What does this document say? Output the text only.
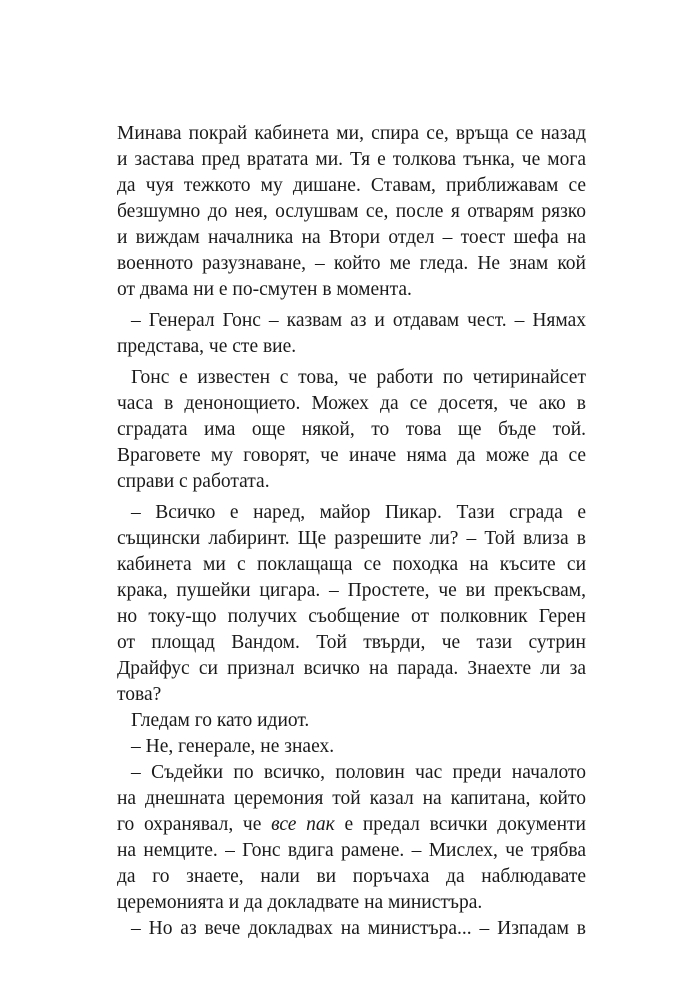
Минава покрай кабинета ми, спира се, връща се назад
и застава пред вратата ми. Тя е толкова тънка, че мога
да чуя тежкото му дишане. Ставам, приближавам се
безшумно до нея, ослушвам се, после я отварям рязко
и виждам началника на Втори отдел – тоест шефа на
военното разузнаване, – който ме гледа. Не знам кой
от двама ни е по-смутен в момента.
– Генерал Гонс – казвам аз и отдавам чест. – Нямах
представа, че сте вие.
Гонс е известен с това, че работи по четиринайсет
часа в денонощието. Можех да се досетя, че ако в
сградата има още някой, то това ще бъде той.
Враговете му говорят, че иначе няма да може да се
справи с работата.
– Всичко е наред, майор Пикар. Тази сграда е
същински лабиринт. Ще разрешите ли? – Той влиза в
кабинета ми с поклащаща се походка на късите си
крака, пушейки цигара. – Простете, че ви прекъсвам,
но току-що получих съобщение от полковник Герен
от площад Вандом. Той твърди, че тази сутрин
Драйфус си признал всичко на парада. Знаехте ли за
това?
Гледам го като идиот.
– Не, генерале, не знаех.
– Съдейки по всичко, половин час преди началото
на днешната церемония той казал на капитана, който
го охранявал, че все пак е предал всички документи
на немците. – Гонс вдига рамене. – Мислех, че трябва
да го знаете, нали ви поръчаха да наблюдавате
церемонията и да докладвате на министъра.
– Но аз вече докладвах на министъра... – Изпадам в
